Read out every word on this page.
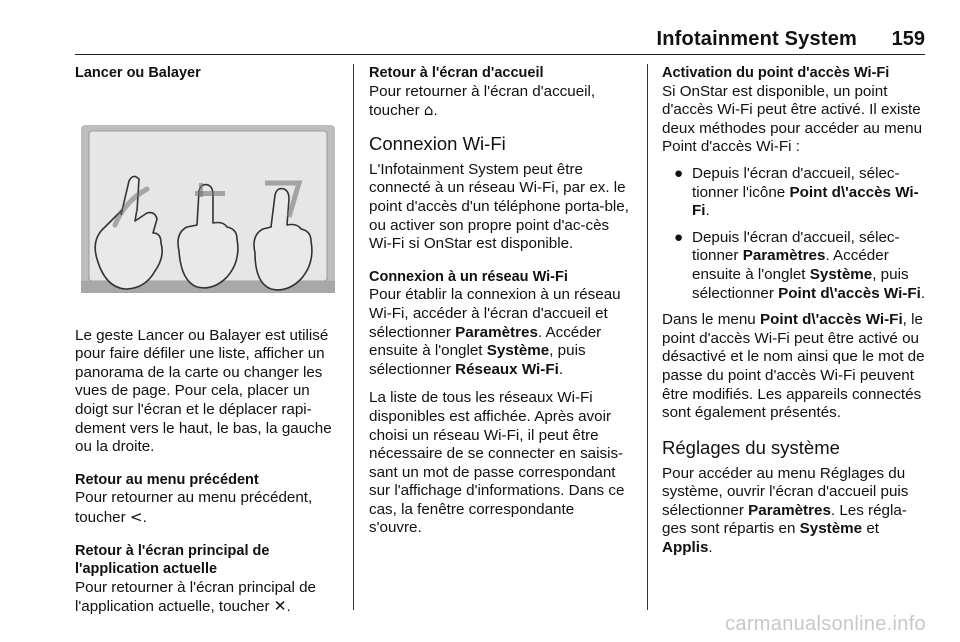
Infotainment System 159

Lancer ou Balayer

Le geste Lancer ou Balayer est utilisé pour faire défiler une liste, afficher un panorama de la carte ou changer les vues de page. Pour cela, placer un doigt sur l'écran et le déplacer rapi-dement vers le haut, le bas, la gauche ou la droite.

Retour au menu précédent

Pour retourner au menu précédent, toucher <.

Retour à l'écran principal de l'application actuelle

Pour retourner à l'écran principal de l'application actuelle, toucher ✕.

Retour à l'écran d'accueil

Pour retourner à l'écran d'accueil, toucher ⌂.

Connexion Wi-Fi

L'Infotainment System peut être connecté à un réseau Wi-Fi, par ex. le point d'accès d'un téléphone porta-ble, ou activer son propre point d'ac-cès Wi-Fi si OnStar est disponible.

Connexion à un réseau Wi-Fi

Pour établir la connexion à un réseau Wi-Fi, accéder à l'écran d'accueil et sélectionner Paramètres. Accéder ensuite à l'onglet Système, puis sélectionner Réseaux Wi-Fi.

La liste de tous les réseaux Wi-Fi disponibles est affichée. Après avoir choisi un réseau Wi-Fi, il peut être nécessaire de se connecter en saisis-sant un mot de passe correspondant sur l'affichage d'informations. Dans ce cas, la fenêtre correspondante s'ouvre.

Activation du point d'accès Wi-Fi

Si OnStar est disponible, un point d'accès Wi-Fi peut être activé. Il existe deux méthodes pour accéder au menu Point d'accès Wi-Fi :

● Depuis l'écran d'accueil, sélec-tionner l'icône Point d\'accès Wi-Fi.
● Depuis l'écran d'accueil, sélec-tionner Paramètres. Accéder ensuite à l'onglet Système, puis sélectionner Point d\'accès Wi-Fi.

Dans le menu Point d\'accès Wi-Fi, le point d'accès Wi-Fi peut être activé ou désactivé et le nom ainsi que le mot de passe du point d'accès Wi-Fi peuvent être modifiés. Les appareils connectés sont également présentés.

Réglages du système

Pour accéder au menu Réglages du système, ouvrir l'écran d'accueil puis sélectionner Paramètres. Les régla-ges sont répartis en Système et
Applis.

carmanualsonline.info
